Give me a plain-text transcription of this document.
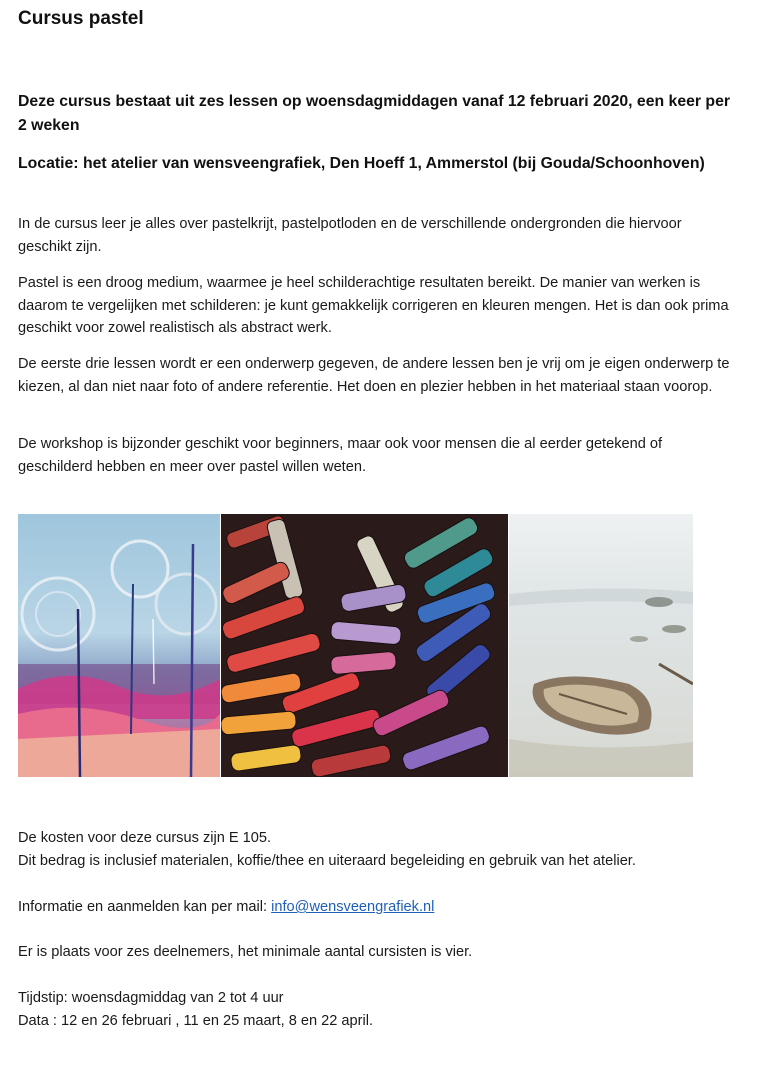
Cursus pastel

Deze cursus bestaat uit zes lessen op woensdagmiddagen vanaf 12 februari 2020, een keer per 2 weken

Locatie: het atelier van wensveengrafiek, Den Hoeff 1, Ammerstol (bij Gouda/Schoonhoven)

In de cursus leer je alles over pastelkrijt, pastelpotloden en de verschillende ondergronden die hiervoor geschikt zijn.

Pastel is een droog medium, waarmee je heel schilderachtige resultaten bereikt. De manier van werken is daarom te vergelijken met schilderen: je kunt gemakkelijk corrigeren en kleuren mengen. Het is dan ook prima geschikt voor zowel realistisch als abstract werk.

De eerste drie lessen wordt er een onderwerp gegeven, de andere lessen ben je vrij om je eigen onderwerp te kiezen, al dan niet naar foto of andere referentie. Het doen en plezier hebben in het materiaal staan voorop.

De workshop is bijzonder geschikt voor beginners, maar ook voor mensen die al eerder getekend of geschilderd hebben en meer over pastel willen weten.

De kosten voor deze cursus zijn E 105.

Dit bedrag is inclusief materialen, koffie/thee en uiteraard begeleiding en gebruik van het atelier.

Informatie en aanmelden kan per mail: info@wensveengrafiek.nl

Er is plaats voor zes deelnemers, het minimale aantal cursisten is vier.

Tijdstip: woensdagmiddag van 2 tot 4 uur

Data : 12 en 26 februari , 11 en 25 maart, 8 en 22 april.
